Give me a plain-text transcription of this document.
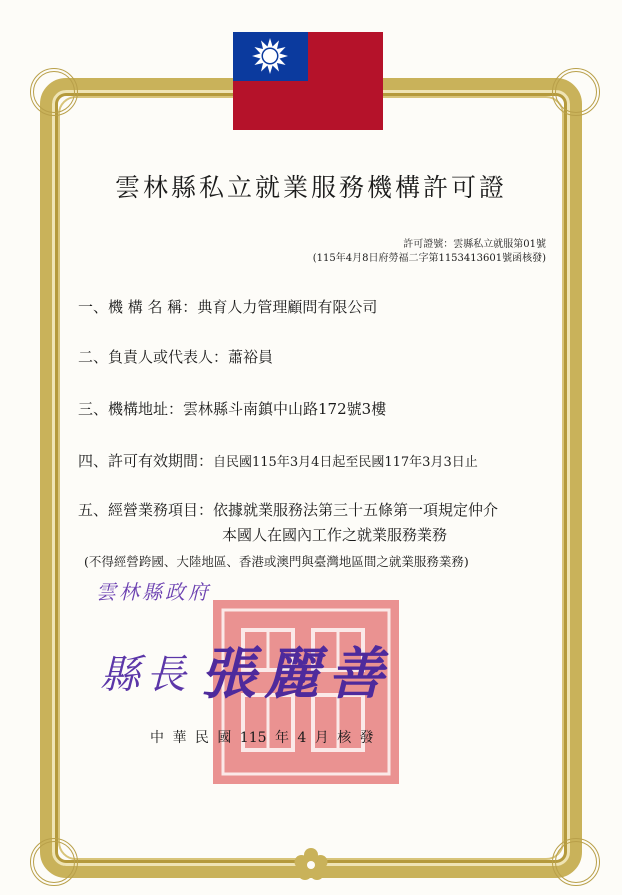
雲林縣私立就業服務機構許可證
許可證號：雲縣私立就服第01號
(115年4月8日府勞福二字第1153413601號函核發)
一、機 構 名 稱：典育人力管理顧問有限公司
二、負責人或代表人：蕭裕員
三、機構地址：雲林縣斗南鎮中山路172號3樓
四、許可有效期間：自民國115年3月4日起至民國117年3月3日止
五、經營業務項目：依據就業服務法第三十五條第一項規定仲介
本國人在國內工作之就業服務業務
(不得經營跨國、大陸地區、香港或澳門與臺灣地區間之就業服務業務)
雲林縣政府
縣長 張麗善
中 華 民 國 115 年 4 月 核 發
